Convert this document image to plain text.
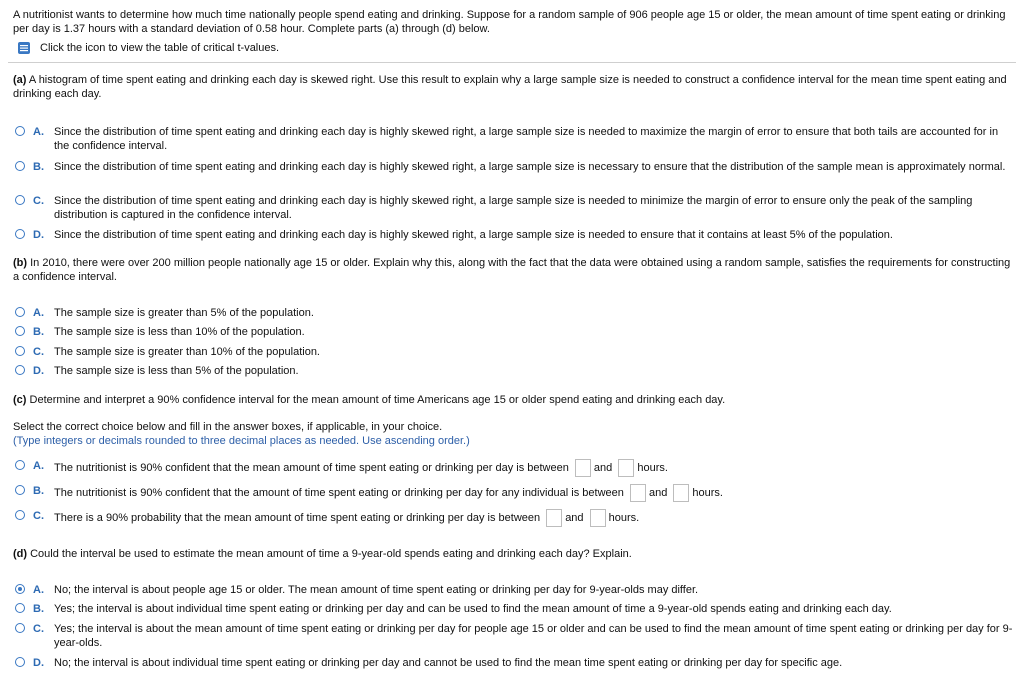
A nutritionist wants to determine how much time nationally people spend eating and drinking. Suppose for a random sample of 906 people age 15 or older, the mean amount of time spent eating or drinking per day is 1.37 hours with a standard deviation of 0.58 hour. Complete parts (a) through (d) below.
Click the icon to view the table of critical t-values.
(a) A histogram of time spent eating and drinking each day is skewed right. Use this result to explain why a large sample size is needed to construct a confidence interval for the mean time spent eating and drinking each day.
A. Since the distribution of time spent eating and drinking each day is highly skewed right, a large sample size is needed to maximize the margin of error to ensure that both tails are accounted for in the confidence interval.
B. Since the distribution of time spent eating and drinking each day is highly skewed right, a large sample size is necessary to ensure that the distribution of the sample mean is approximately normal.
C. Since the distribution of time spent eating and drinking each day is highly skewed right, a large sample size is needed to minimize the margin of error to ensure only the peak of the sampling distribution is captured in the confidence interval.
D. Since the distribution of time spent eating and drinking each day is highly skewed right, a large sample size is needed to ensure that it contains at least 5% of the population.
(b) In 2010, there were over 200 million people nationally age 15 or older. Explain why this, along with the fact that the data were obtained using a random sample, satisfies the requirements for constructing a confidence interval.
A. The sample size is greater than 5% of the population.
B. The sample size is less than 10% of the population.
C. The sample size is greater than 10% of the population.
D. The sample size is less than 5% of the population.
(c) Determine and interpret a 90% confidence interval for the mean amount of time Americans age 15 or older spend eating and drinking each day.
Select the correct choice below and fill in the answer boxes, if applicable, in your choice.
(Type integers or decimals rounded to three decimal places as needed. Use ascending order.)
A. The nutritionist is 90% confident that the mean amount of time spent eating or drinking per day is between and hours.
B. The nutritionist is 90% confident that the amount of time spent eating or drinking per day for any individual is between and hours.
C. There is a 90% probability that the mean amount of time spent eating or drinking per day is between and hours.
(d) Could the interval be used to estimate the mean amount of time a 9-year-old spends eating and drinking each day? Explain.
A. No; the interval is about people age 15 or older. The mean amount of time spent eating or drinking per day for 9-year-olds may differ.
B. Yes; the interval is about individual time spent eating or drinking per day and can be used to find the mean amount of time a 9-year-old spends eating and drinking each day.
C. Yes; the interval is about the mean amount of time spent eating or drinking per day for people age 15 or older and can be used to find the mean amount of time spent eating or drinking per day for 9-year-olds.
D. No; the interval is about individual time spent eating or drinking per day and cannot be used to find the mean time spent eating or drinking per day for specific age.
